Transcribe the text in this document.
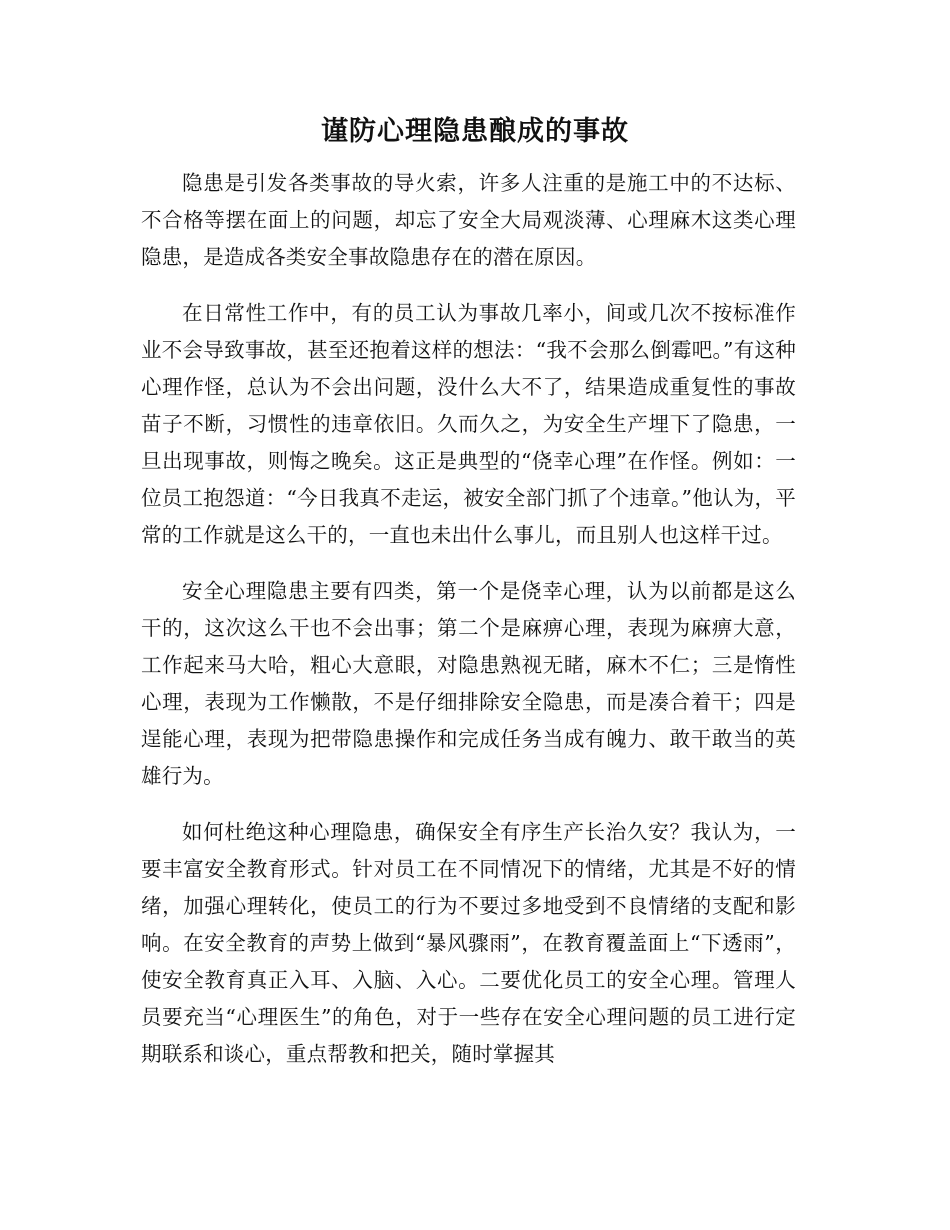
谨防心理隐患酿成的事故

隐患是引发各类事故的导火索，许多人注重的是施工中的不达标、不合格等摆在面上的问题，却忘了安全大局观淡薄、心理麻木这类心理隐患，是造成各类安全事故隐患存在的潜在原因。

在日常性工作中，有的员工认为事故几率小，间或几次不按标准作业不会导致事故，甚至还抱着这样的想法：“我不会那么倒霉吧。”有这种心理作怪，总认为不会出问题，没什么大不了，结果造成重复性的事故苗子不断，习惯性的违章依旧。久而久之，为安全生产埋下了隐患，一旦出现事故，则悔之晚矣。这正是典型的“侥幸心理”在作怪。例如：一位员工抱怨道：“今日我真不走运，被安全部门抓了个违章。”他认为，平常的工作就是这么干的，一直也未出什么事儿，而且别人也这样干过。

安全心理隐患主要有四类，第一个是侥幸心理，认为以前都是这么干的，这次这么干也不会出事；第二个是麻痹心理，表现为麻痹大意，工作起来马大哈，粗心大意眼，对隐患熟视无睹，麻木不仁；三是惰性心理，表现为工作懒散，不是仔细排除安全隐患，而是凑合着干；四是逞能心理，表现为把带隐患操作和完成任务当成有魄力、敢干敢当的英雄行为。

如何杜绝这种心理隐患，确保安全有序生产长治久安？我认为，一要丰富安全教育形式。针对员工在不同情况下的情绪，尤其是不好的情绪，加强心理转化，使员工的行为不要过多地受到不良情绪的支配和影响。在安全教育的声势上做到“暴风骤雨”，在教育覆盖面上“下透雨”，使安全教育真正入耳、入脑、入心。二要优化员工的安全心理。管理人员要充当“心理医生”的角色，对于一些存在安全心理问题的员工进行定期联系和谈心，重点帮教和把关，随时掌握其
